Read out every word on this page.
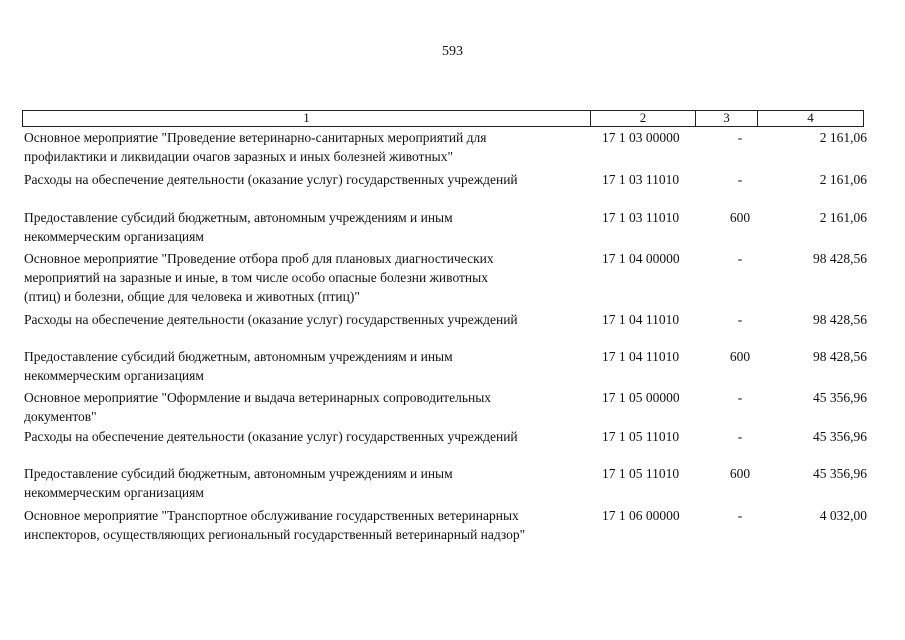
593
1	2	3	4
Основное мероприятие "Проведение ветеринарно-санитарных мероприятий для
профилактики и ликвидации очагов заразных и иных болезней животных"
17 1 03 00000	-	2 161,06
Расходы на обеспечение деятельности (оказание услуг) государственных учреждений	17 1 03 11010	-	2 161,06
Предоставление субсидий бюджетным, автономным учреждениям и иным
некоммерческим организациям
17 1 03 11010	600	2 161,06
Основное мероприятие "Проведение отбора проб для плановых диагностических
мероприятий на заразные и иные, в том числе особо опасные болезни животных
(птиц) и болезни, общие для человека и животных (птиц)"
17 1 04 00000	-	98 428,56
Расходы на обеспечение деятельности (оказание услуг) государственных учреждений	17 1 04 11010	-	98 428,56
Предоставление субсидий бюджетным, автономным учреждениям и иным
некоммерческим организациям
17 1 04 11010	600	98 428,56
Основное мероприятие "Оформление и выдача ветеринарных сопроводительных
документов"
17 1 05 00000	-	45 356,96
Расходы на обеспечение деятельности (оказание услуг) государственных учреждений	17 1 05 11010	-	45 356,96
Предоставление субсидий бюджетным, автономным учреждениям и иным
некоммерческим организациям
17 1 05 11010	600	45 356,96
Основное мероприятие "Транспортное обслуживание государственных ветеринарных
инспекторов, осуществляющих региональный государственный ветеринарный надзор"
17 1 06 00000	-	4 032,00
